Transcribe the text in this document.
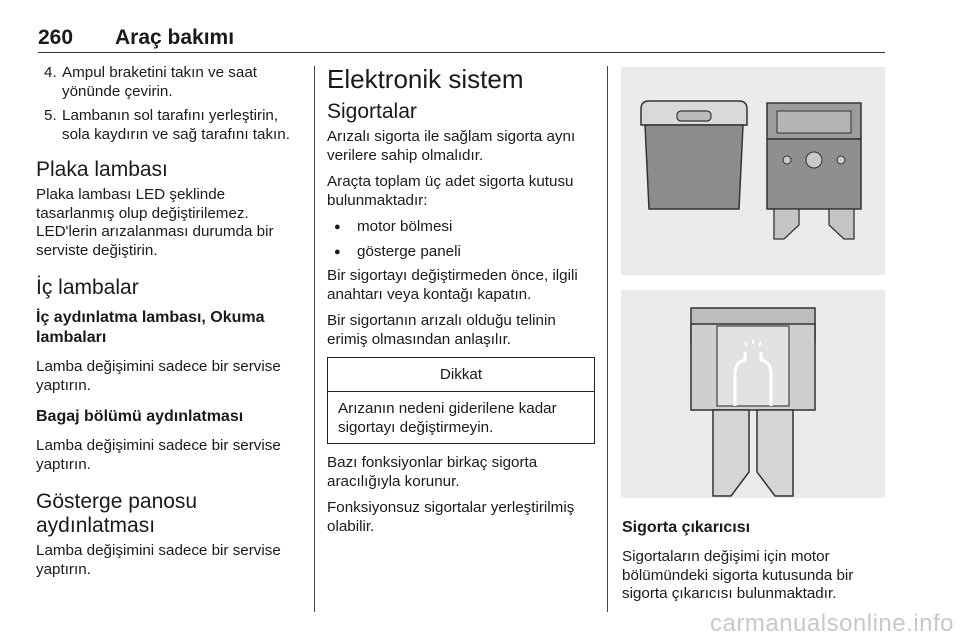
260 Araç bakımı
4. Ampul braketini takın ve saat yönünde çevirin.
5. Lambanın sol tarafını yerleştirin, sola kaydırın ve sağ tarafını takın.
Plaka lambası

Plaka lambası LED şeklinde tasarlanmış olup değiştirilemez. LED'lerin arızalanması durumda bir serviste değiştirin.

İç lambalar
İç aydınlatma lambası, Okuma lambaları

Lamba değişimini sadece bir servise yaptırın.

Bagaj bölümü aydınlatması

Lamba değişimini sadece bir servise yaptırın.

Gösterge panosu
aydınlatması

Lamba değişimini sadece bir servise yaptırın.

Elektronik sistem
Sigortalar

Arızalı sigorta ile sağlam sigorta aynı verilere sahip olmalıdır.

Araçta toplam üç adet sigorta kutusu bulunmaktadır:

● motor bölmesi
● gösterge paneli

Bir sigortayı değiştirmeden önce, ilgili anahtarı veya kontağı kapatın.

Bir sigortanın arızalı olduğu telinin erimiş olmasından anlaşılır.

Dikkat
Arızanın nedeni giderilene kadar sigortayı değiştirmeyin.

Bazı fonksiyonlar birkaç sigorta aracılığıyla korunur.

Fonksiyonsuz sigortalar yerleştirilmiş olabilir.	Sigorta çıkarıcısı

Sigortaların değişimi için motor bölümündeki sigorta kutusunda bir sigorta çıkarıcısı bulunmaktadır.

carmanualsonline.info
